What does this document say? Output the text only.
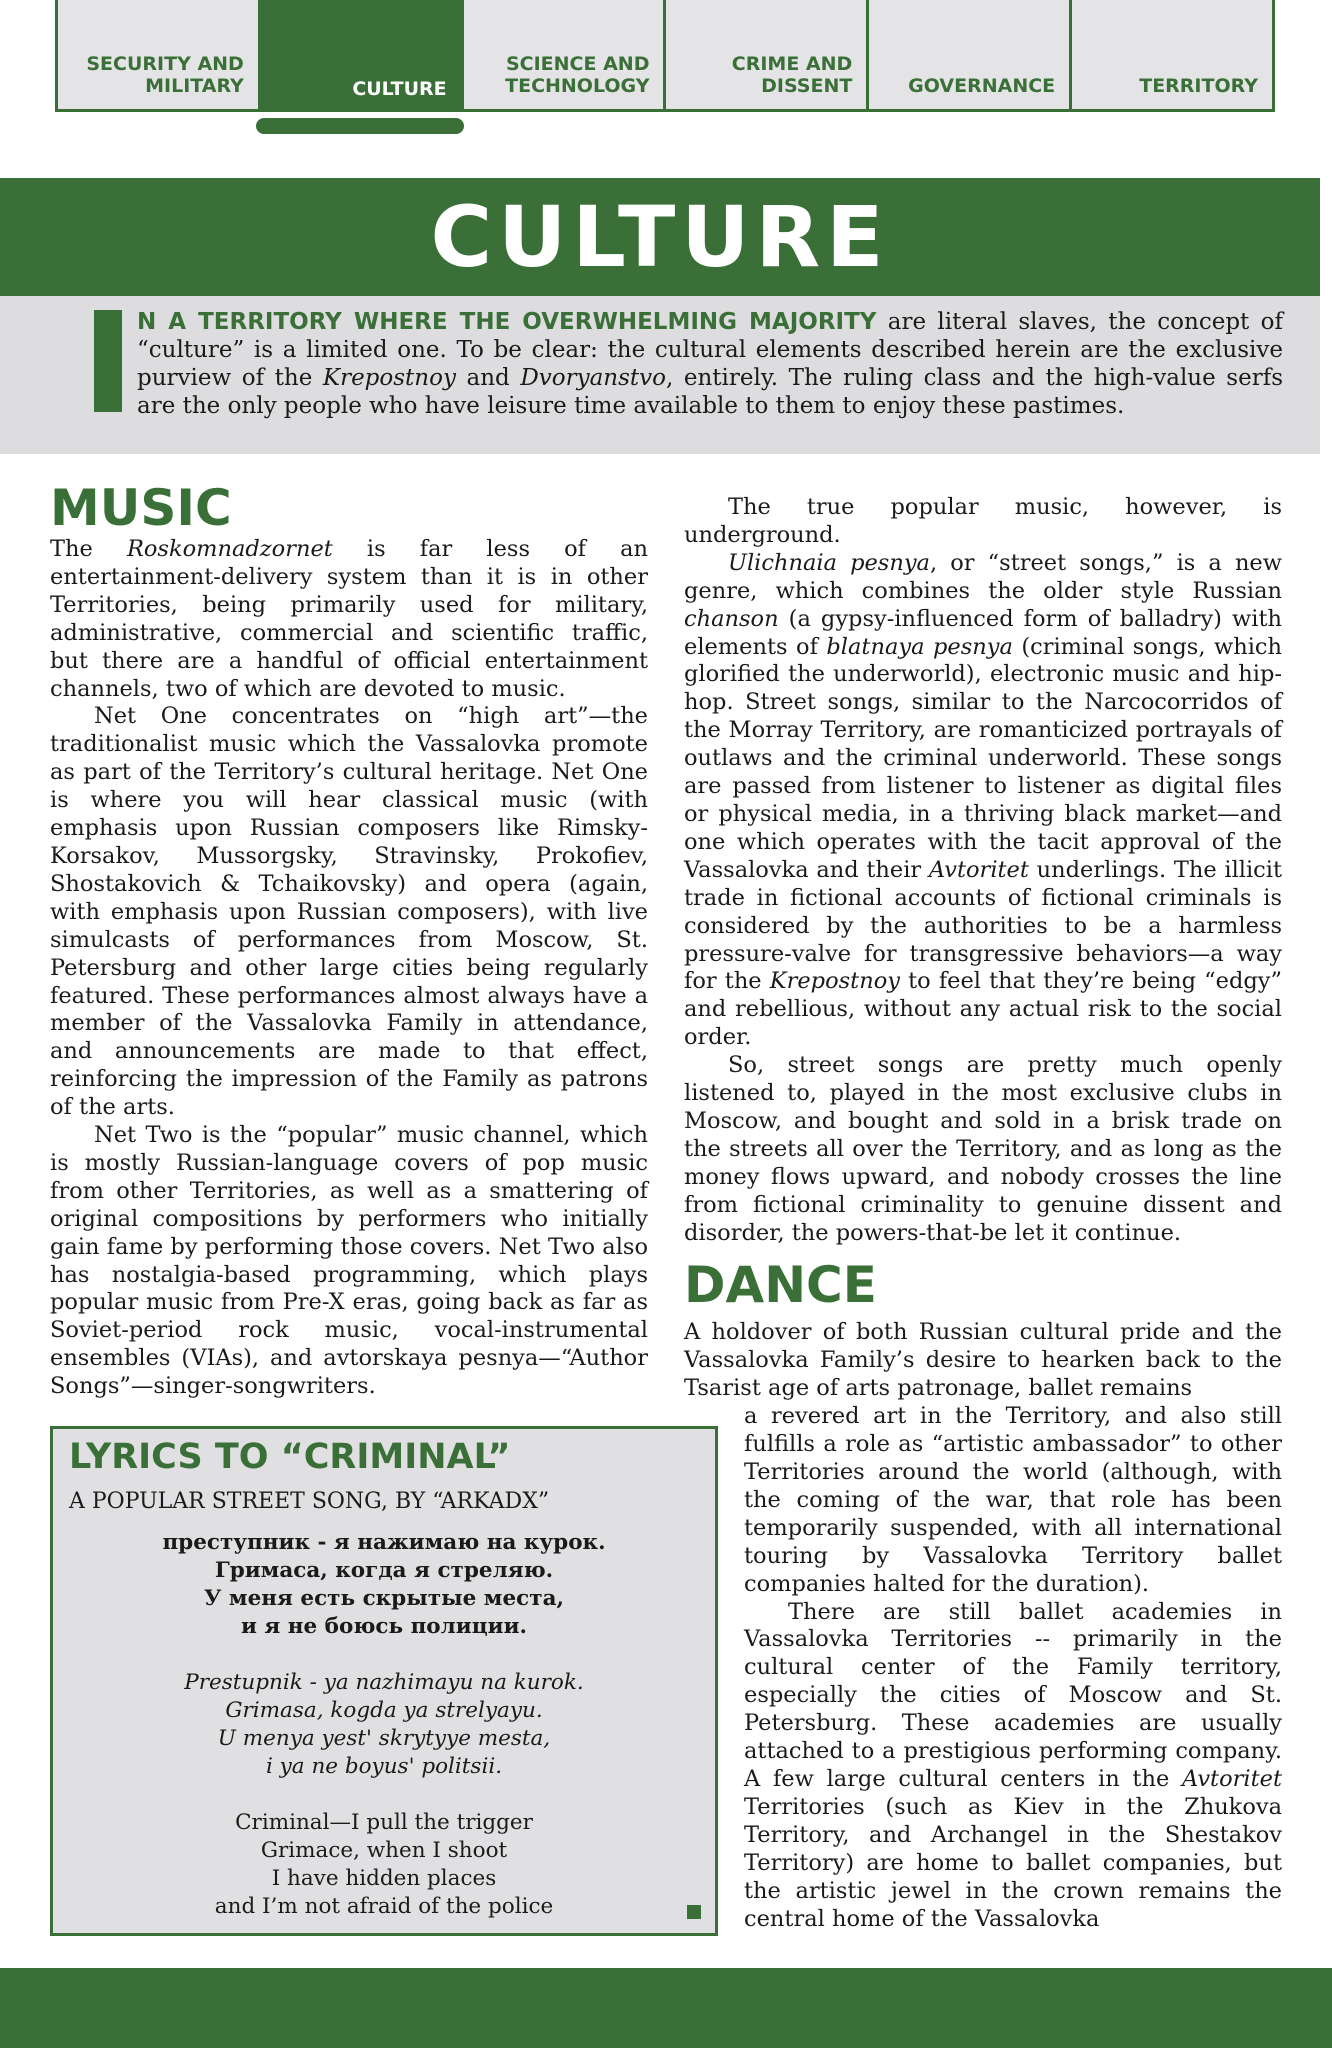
SECURITY AND
MILITARY	CULTURE
SCIENCE AND
TECHNOLOGY
CRIME AND
DISSENT	GOVERNANCE	TERRITORY
CULTURE
N A TERRITORY WHERE THE OVERWHELMING MAJORITY are literal slaves, the concept of “culture” is a limited one. To be clear: the cultural elements described herein are the exclusive purview of the Krepostnoy and Dvoryanstvo, entirely. The ruling class and the high-value serfs are the only people who have leisure time available to them to enjoy these pastimes.
MUSIC

The Roskomnadzornet is far less of an entertainment-delivery system than it is in other Territories, being primarily used for military, administrative, commercial and scientific traffic, but there are a handful of official entertainment channels, two of which are devoted to music.

Net One concentrates on “high art”—the traditionalist music which the Vassalovka promote as part of the Territory’s cultural heritage. Net One is where you will hear classical music (with emphasis upon Russian composers like Rimsky-Korsakov, Mussorgsky, Stravinsky, Prokofiev, Shostakovich & Tchaikovsky) and opera (again, with emphasis upon Russian composers), with live simulcasts of performances from Moscow, St. Petersburg and other large cities being regularly featured. These performances almost always have a member of the Vassalovka Family in attendance, and announcements are made to that effect, reinforcing the impression of the Family as patrons of the arts.

Net Two is the “popular” music channel, which is mostly Russian-language covers of pop music from other Territories, as well as a smattering of original compositions by performers who initially gain fame by performing those covers. Net Two also has nostalgia-based programming, which plays popular music from Pre-X eras, going back as far as Soviet-period rock music, vocal-instrumental ensembles (VIAs), and avtorskaya pesnya—“Author Songs”—singer-songwriters.

The true popular music, however, is underground.

Ulichnaia pesnya, or “street songs,” is a new genre, which combines the older style Russian chanson (a gypsy-influenced form of balladry) with elements of blatnaya pesnya (criminal songs, which glorified the underworld), electronic music and hip-hop. Street songs, similar to the Narcocorridos of the Morray Territory, are romanticized portrayals of outlaws and the criminal underworld. These songs are passed from listener to listener as digital files or physical media, in a thriving black market—and one which operates with the tacit approval of the Vassalovka and their Avtoritet underlings. The illicit trade in fictional accounts of fictional criminals is considered by the authorities to be a harmless pressure-valve for transgressive behaviors—a way for the Krepostnoy to feel that they’re being “edgy” and rebellious, without any actual risk to the social order.

So, street songs are pretty much openly listened to, played in the most exclusive clubs in Moscow, and bought and sold in a brisk trade on the streets all over the Territory, and as long as the money flows upward, and nobody crosses the line from fictional criminality to genuine dissent and disorder, the powers-that-be let it continue.

DANCE

A holdover of both Russian cultural pride and the Vassalovka Family’s desire to hearken back to the Tsarist age of arts patronage, ballet remains

a revered art in the Territory, and also still fulfills a role as “artistic ambassador” to other Territories around the world (although, with the coming of the war, that role has been temporarily suspended, with all international touring by Vassalovka Territory ballet companies halted for the duration).

There are still ballet academies in Vassalovka Territories -- primarily in the cultural center of the Family territory, especially the cities of Moscow and St. Petersburg. These academies are usually attached to a prestigious performing company. A few large cultural centers in the Avtoritet Territories (such as Kiev in the Zhukova Territory, and Archangel in the Shestakov Territory) are home to ballet companies, but the artistic jewel in the crown remains the central home of the Vassalovka

LYRICS TO “CRIMINAL”
A POPULAR STREET SONG, BY “ARKADX”

преступник - я нажимаю на курок.

Гримаса, когда я стреляю.

У меня есть скрытые места,

и я не боюсь полиции.

Prestupnik - ya nazhimayu na kurok.

Grimasa, kogda ya strelyayu.

U menya yest' skrytyye mesta,

i ya ne boyus' politsii.

Criminal—I pull the trigger

Grimace, when I shoot

I have hidden places

and I’m not afraid of the police
